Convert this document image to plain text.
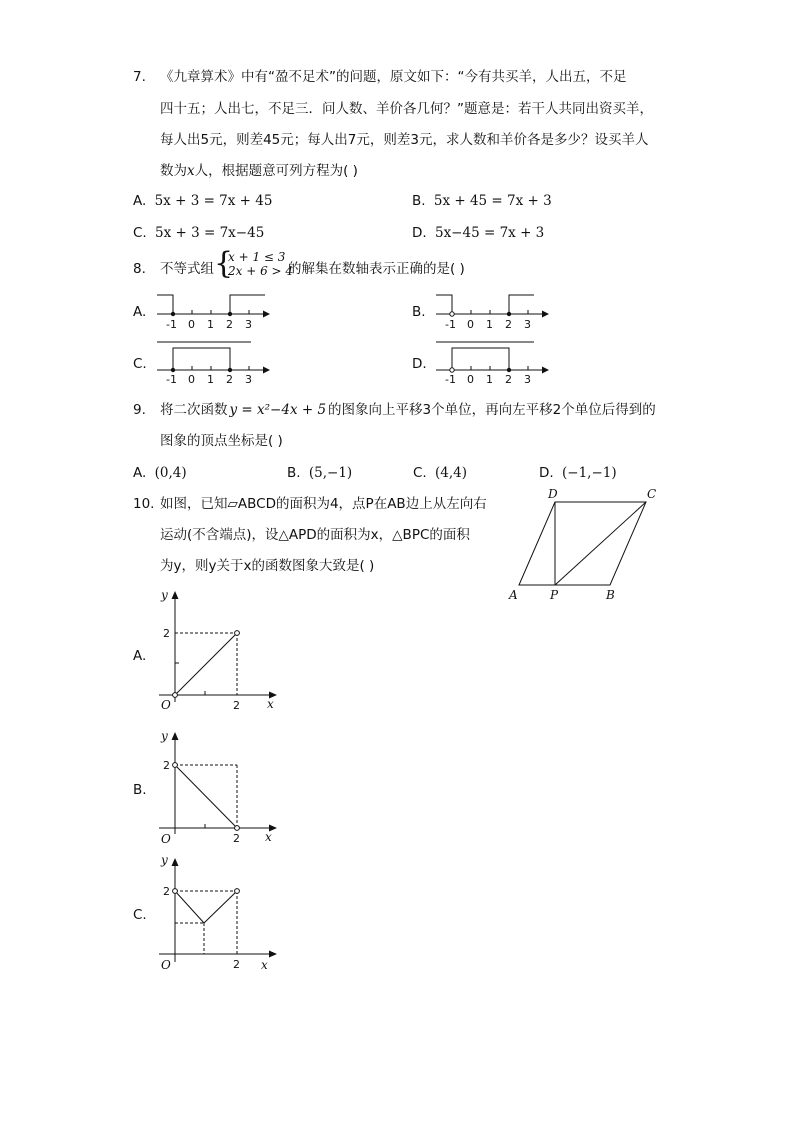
7. 《九章算术》中有“盈不足术”的问题，原文如下：“今有共买羊，人出五，不足
四十五；人出七，不足三．问人数、羊价各几何？”题意是：若干人共同出资买羊，
每人出5元，则差45元；每人出7元，则差3元，求人数和羊价各是多少？设买羊人
数为x人，根据题意可列方程为( )
A. 5x + 3 = 7x + 45	B. 5x + 45 = 7x + 3
C. 5x + 3 = 7x−45	D. 5x−45 = 7x + 3
8. 不等式组 {
x + 1 ≤ 3
2x + 6 > 4
的解集在数轴表示正确的是( )
A.
-1 0 1 2 3
B.
-1 0 1 2 3
C.
-1 0 1 2 3
D.
-1 0 1 2 3
9. 将二次函数 y = x²−4x + 5 的图象向上平移3个单位，再向左平移2个单位后得到的
图象的顶点坐标是( )
A. (0,4)	B. (5,−1)	C. (4,4)	D. (−1,−1)
10. 如图，已知▱ABCD的面积为4，点P在AB边上从左向右
运动(不含端点)，设△APD的面积为x，△BPC的面积
为y，则y关于x的函数图象大致是( )
D	C
A	P	B
A.
y
x
O	2
2
B.
y
x
O	2
2
C.
y
x
O	2
2
